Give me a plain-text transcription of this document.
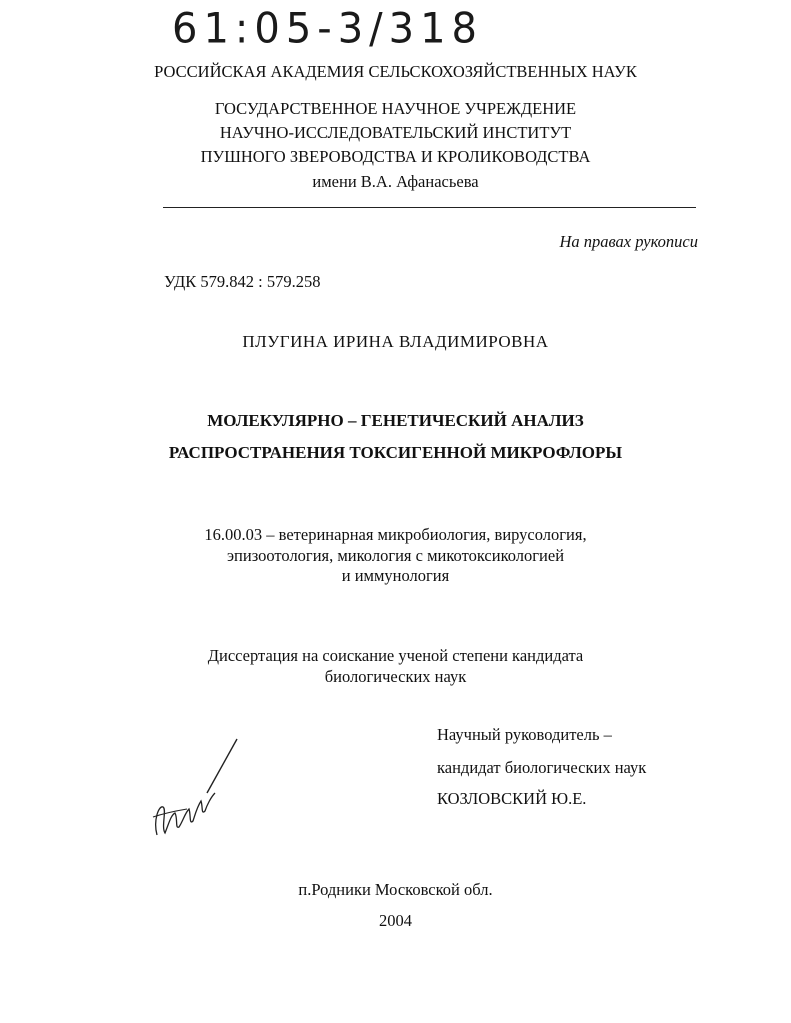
61:05-3/318
РОССИЙСКАЯ АКАДЕМИЯ СЕЛЬСКОХОЗЯЙСТВЕННЫХ НАУК
ГОСУДАРСТВЕННОЕ НАУЧНОЕ УЧРЕЖДЕНИЕ
НАУЧНО-ИССЛЕДОВАТЕЛЬСКИЙ ИНСТИТУТ
ПУШНОГО ЗВЕРОВОДСТВА И КРОЛИКОВОДСТВА
имени В.А. Афанасьева
На правах рукописи
УДК 579.842 : 579.258
ПЛУГИНА ИРИНА ВЛАДИМИРОВНА
МОЛЕКУЛЯРНО – ГЕНЕТИЧЕСКИЙ АНАЛИЗ
РАСПРОСТРАНЕНИЯ ТОКСИГЕННОЙ МИКРОФЛОРЫ
16.00.03 – ветеринарная микробиология, вирусология,
эпизоотология, микология с микотоксикологией
и иммунология
Диссертация на соискание ученой степени кандидата
биологических наук
Научный руководитель –
кандидат биологических наук
КОЗЛОВСКИЙ Ю.Е.
п.Родники Московской обл.
2004
